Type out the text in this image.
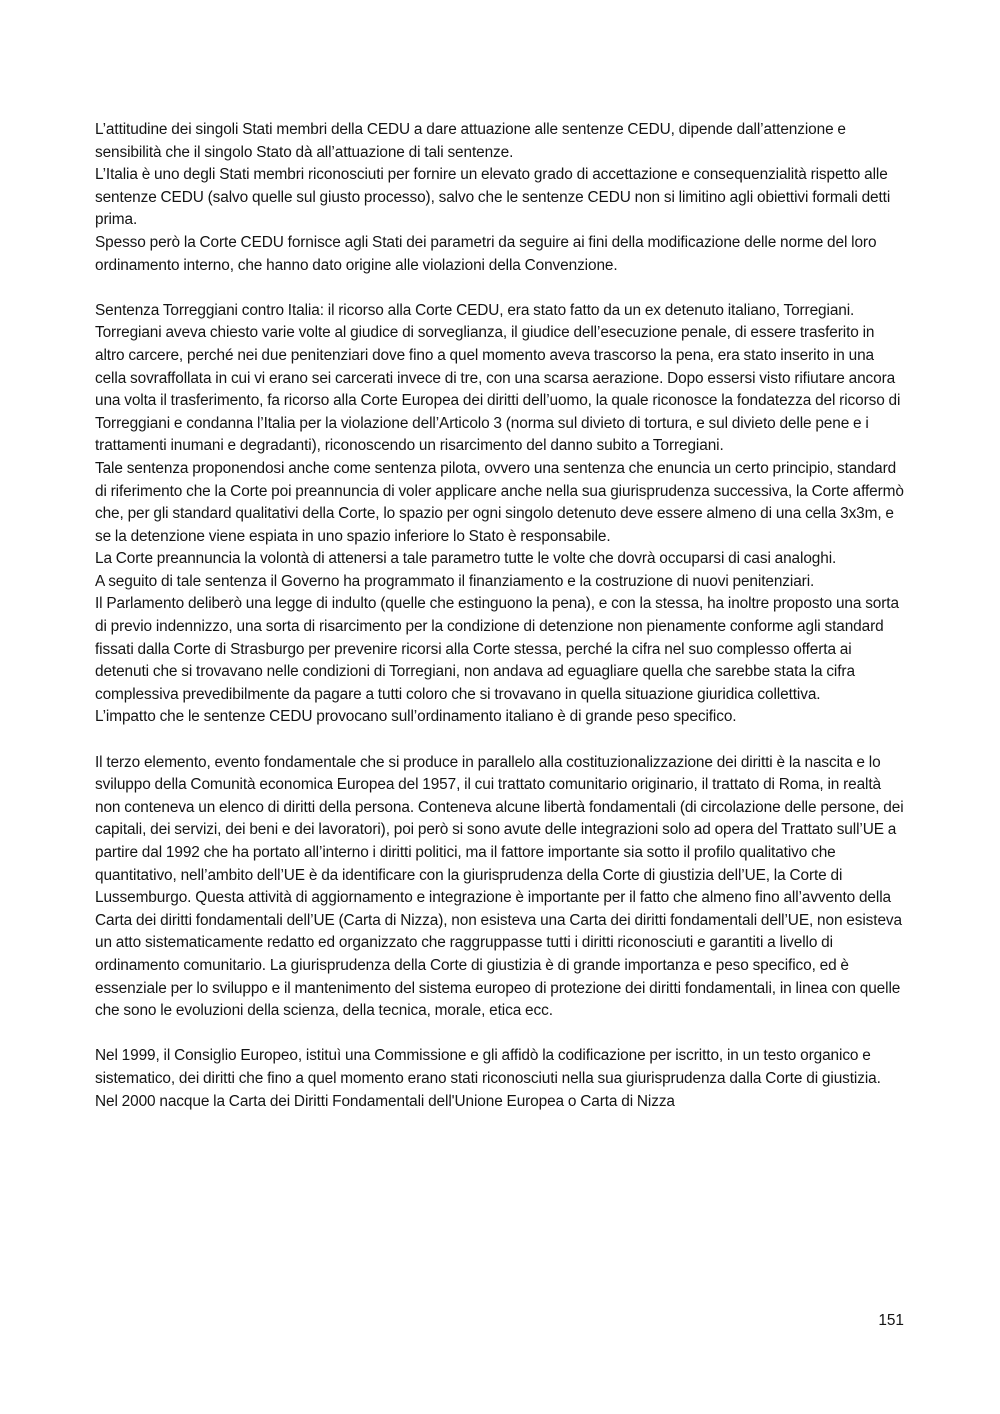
L’attitudine dei singoli Stati membri della CEDU a dare attuazione alle sentenze CEDU, dipende dall’attenzione e sensibilità che il singolo Stato dà all’attuazione di tali sentenze.

L’Italia è uno degli Stati membri riconosciuti per fornire un elevato grado di accettazione e consequenzialità rispetto alle sentenze CEDU (salvo quelle sul giusto processo), salvo che le sentenze CEDU non si limitino agli obiettivi formali detti prima.

Spesso però la Corte CEDU fornisce agli Stati dei parametri da seguire ai fini della modificazione delle norme del loro ordinamento interno, che hanno dato origine alle violazioni della Convenzione.

Sentenza Torreggiani contro Italia: il ricorso alla Corte CEDU, era stato fatto da un ex detenuto italiano, Torregiani. Torregiani aveva chiesto varie volte al giudice di sorveglianza, il giudice dell’esecuzione penale, di essere trasferito in altro carcere, perché nei due penitenziari dove fino a quel momento aveva trascorso la pena, era stato inserito in una cella sovraffollata in cui vi erano sei carcerati invece di tre, con una scarsa aerazione. Dopo essersi visto rifiutare ancora una volta il trasferimento, fa ricorso alla Corte Europea dei diritti dell’uomo, la quale riconosce la fondatezza del ricorso di Torreggiani e condanna l’Italia per la violazione dell’Articolo 3 (norma sul divieto di tortura, e sul divieto delle pene e i trattamenti inumani e degradanti), riconoscendo un risarcimento del danno subito a Torregiani.

Tale sentenza proponendosi anche come sentenza pilota, ovvero una sentenza che enuncia un certo principio, standard di riferimento che la Corte poi preannuncia di voler applicare anche nella sua giurisprudenza successiva, la Corte affermò che, per gli standard qualitativi della Corte, lo spazio per ogni singolo detenuto deve essere almeno di una cella 3x3m, e se la detenzione viene espiata in uno spazio inferiore lo Stato è responsabile.

La Corte preannuncia la volontà di attenersi a tale parametro tutte le volte che dovrà occuparsi di casi analoghi.

A seguito di tale sentenza il Governo ha programmato il finanziamento e la costruzione di nuovi penitenziari.

Il Parlamento deliberò una legge di indulto (quelle che estinguono la pena), e con la stessa, ha inoltre proposto una sorta di previo indennizzo, una sorta di risarcimento per la condizione di detenzione non pienamente conforme agli standard fissati dalla Corte di Strasburgo per prevenire ricorsi alla Corte stessa, perché la cifra nel suo complesso offerta ai detenuti che si trovavano nelle condizioni di Torregiani, non andava ad eguagliare quella che sarebbe stata la cifra complessiva prevedibilmente da pagare a tutti coloro che si trovavano in quella situazione giuridica collettiva.

L’impatto che le sentenze CEDU provocano sull’ordinamento italiano è di grande peso specifico.

Il terzo elemento, evento fondamentale che si produce in parallelo alla costituzionalizzazione dei diritti è la nascita e lo sviluppo della Comunità economica Europea del 1957, il cui trattato comunitario originario, il trattato di Roma, in realtà non conteneva un elenco di diritti della persona. Conteneva alcune libertà fondamentali (di circolazione delle persone, dei capitali, dei servizi, dei beni e dei lavoratori), poi però si sono avute delle integrazioni solo ad opera del Trattato sull’UE a partire dal 1992 che ha portato all’interno i diritti politici, ma il fattore importante sia sotto il profilo qualitativo che quantitativo, nell’ambito dell’UE è da identificare con la giurisprudenza della Corte di giustizia dell’UE, la Corte di Lussemburgo. Questa attività di aggiornamento e integrazione è importante per il fatto che almeno fino all’avvento della Carta dei diritti fondamentali dell’UE (Carta di Nizza), non esisteva una Carta dei diritti fondamentali dell’UE, non esisteva un atto sistematicamente redatto ed organizzato che raggruppasse tutti i diritti riconosciuti e garantiti a livello di ordinamento comunitario. La giurisprudenza della Corte di giustizia è di grande importanza e peso specifico, ed è essenziale per lo sviluppo e il mantenimento del sistema europeo di protezione dei diritti fondamentali, in linea con quelle che sono le evoluzioni della scienza, della tecnica, morale, etica ecc.

Nel 1999, il Consiglio Europeo, istituì una Commissione e gli affidò la codificazione per iscritto, in un testo organico e sistematico, dei diritti che fino a quel momento erano stati riconosciuti nella sua giurisprudenza dalla Corte di giustizia.

Nel 2000 nacque la Carta dei Diritti Fondamentali dell'Unione Europea o Carta di Nizza

151
